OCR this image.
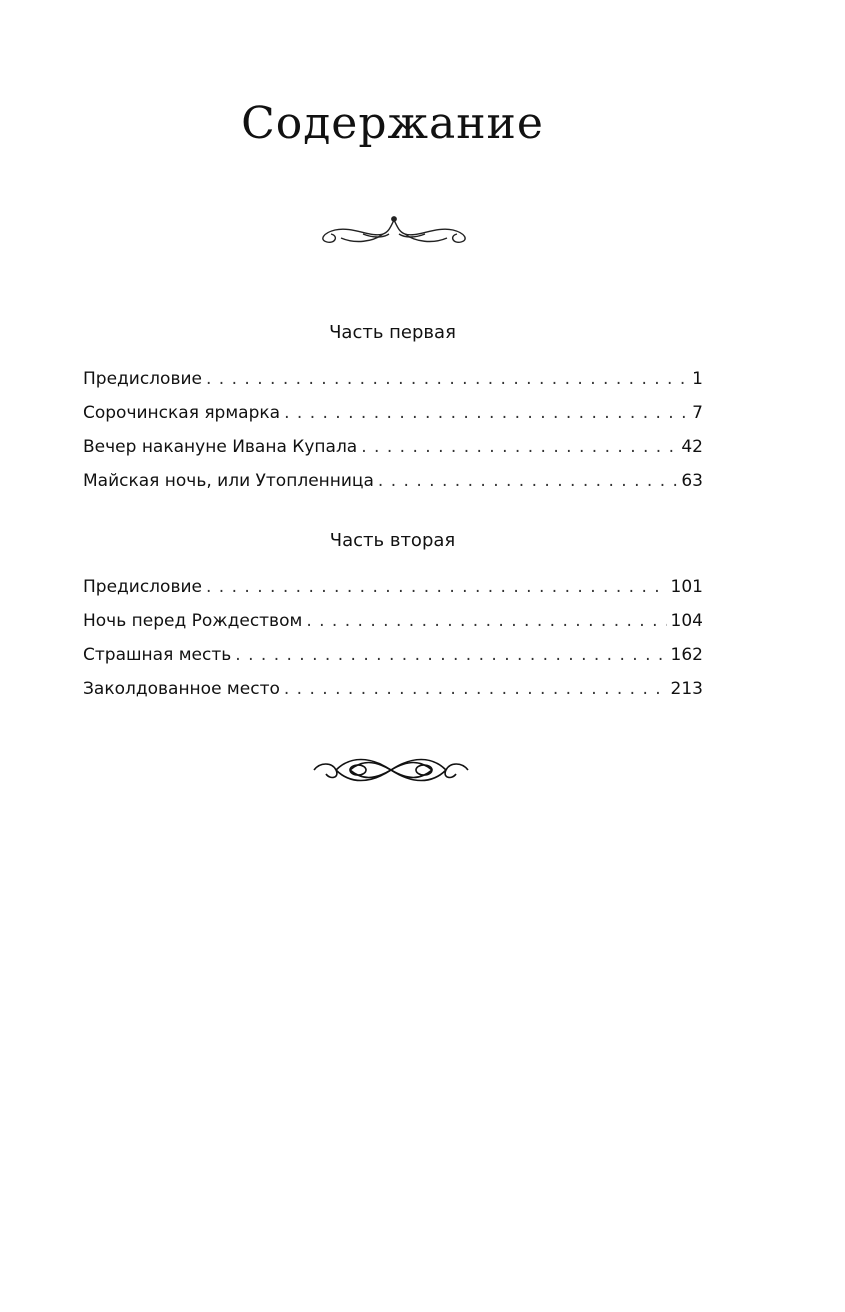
Содержание
Часть первая
Предисловие . . .	1
Сорочинская ярмарка . . .	7
Вечер накануне Ивана Купала . . .	42
Майская ночь, или Утопленница . . .	63
Часть вторая
Предисловие . . .	101
Ночь перед Рождеством . . .	104
Страшная месть . . .	162
Заколдованное место . . .	213
